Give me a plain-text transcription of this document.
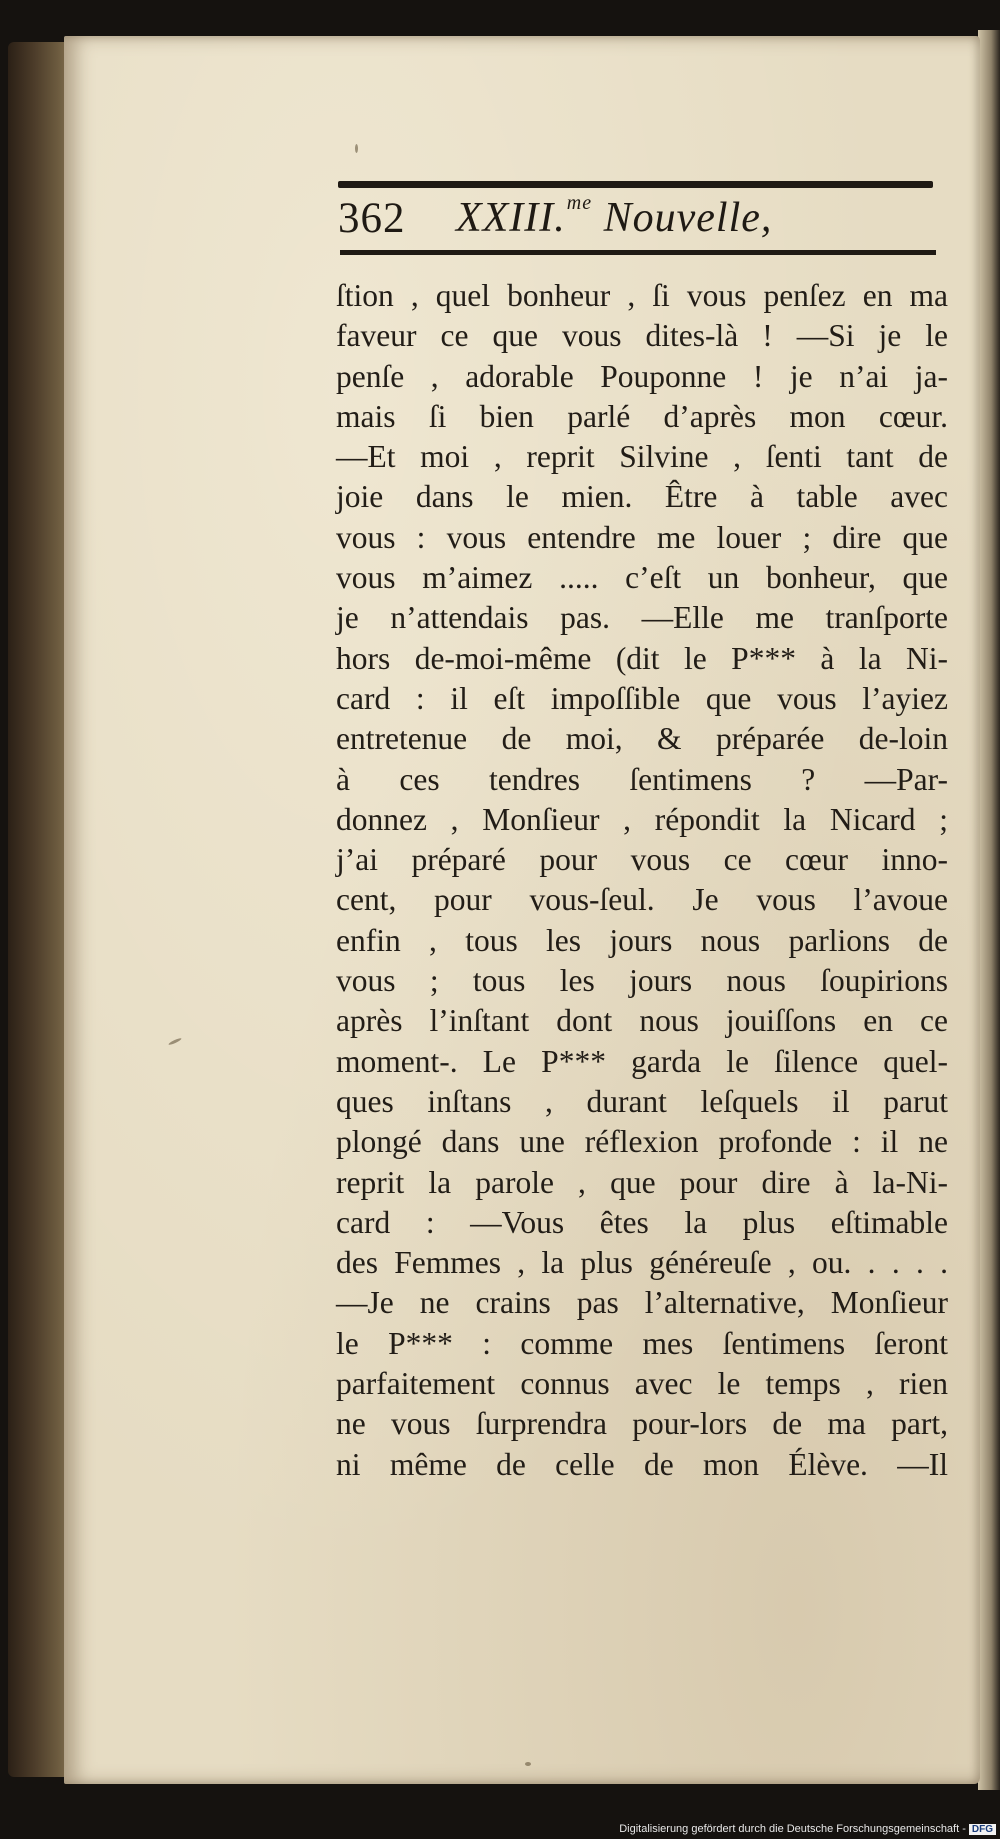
362 XXIII.$^{me}$ Nouvelle,
ſtion , quel bonheur , ſi vous penſez en ma
faveur ce que vous dites-là ! —Si je le
penſe , adorable Pouponne ! je n’ai ja-
mais ſi bien parlé d’après mon cœur.
—Et moi , reprit Silvine , ſenti tant de
joie dans le mien. Être à table avec
vous : vous entendre me louer ; dire que
vous m’aimez ..... c’eſt un bonheur, que
je n’attendais pas. —Elle me tranſporte
hors de-moi-même (dit le P*** à la Ni-
card : il eſt impoſſible que vous l’ayiez
entretenue de moi, & préparée de-loin
à ces tendres ſentimens ? —Par-
donnez , Monſieur , répondit la Nicard ;
j’ai préparé pour vous ce cœur inno-
cent, pour vous-ſeul. Je vous l’avoue
enfin , tous les jours nous parlions de
vous ; tous les jours nous ſoupirions
après l’inſtant dont nous jouiſſons en ce
moment-. Le P*** garda le ſilence quel-
ques inſtans , durant leſquels il parut
plongé dans une réflexion profonde : il ne
reprit la parole , que pour dire à la-Ni-
card : —Vous êtes la plus eſtimable
des Femmes , la plus généreuſe , ou. . . . .
—Je ne crains pas l’alternative, Monſieur
le P*** : comme mes ſentimens ſeront
parfaitement connus avec le temps , rien
ne vous ſurprendra pour-lors de ma part,
ni même de celle de mon Élève. —Il
Digitalisierung gefördert durch die Deutsche Forschungsgemeinschaft - DFG
